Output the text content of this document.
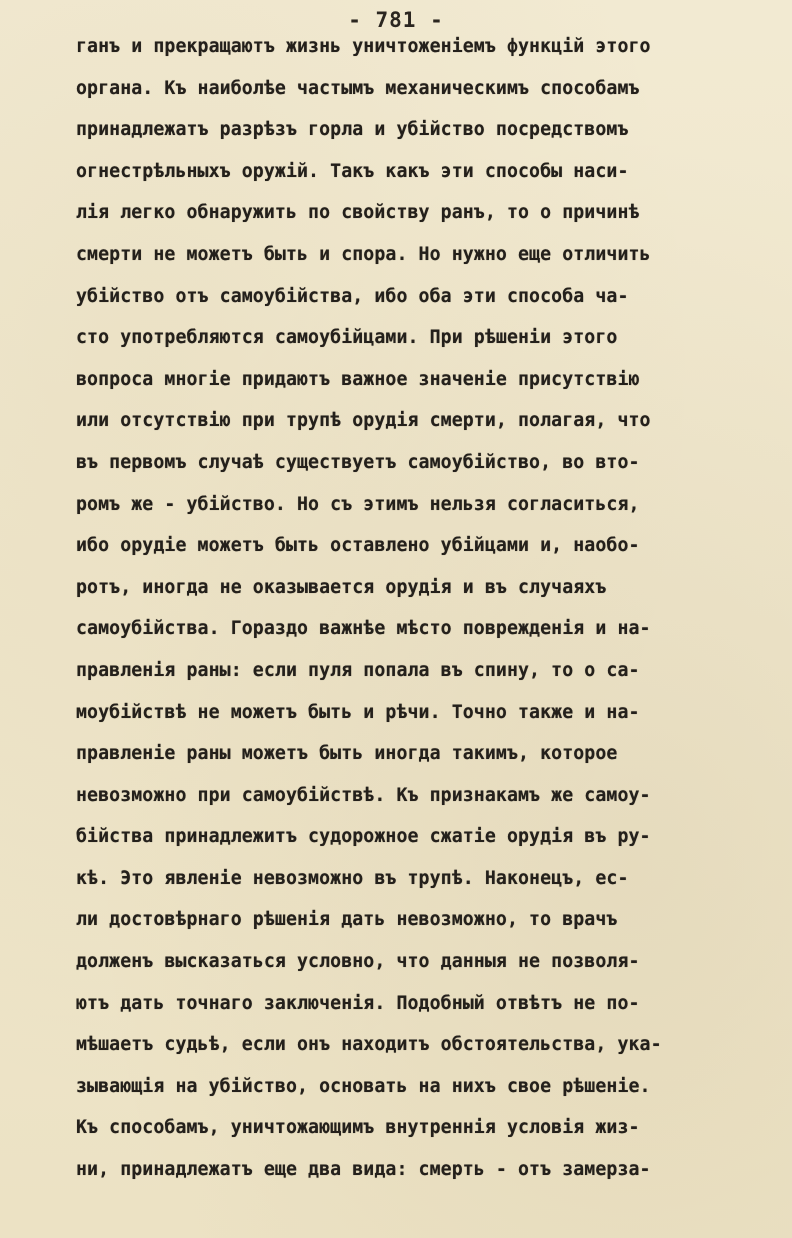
- 781 -
ганъ и прекращаютъ жизнь уничтоженiемъ функцiй этого
органа. Къ наиболѣе частымъ механическимъ способамъ
принадлежатъ разрѣзъ горла и убiйство посредствомъ
огнестрѣльныхъ оружiй. Такъ какъ эти способы наси-
лiя легко обнаружить по свойству ранъ, то о причинѣ
смерти не можетъ быть и спора. Но нужно еще отличить
убiйство отъ самоубiйства, ибо оба эти способа ча-
сто употребляются самоубiйцами. При рѣшенiи этого
вопроса многiе придаютъ важное значенiе присутствiю
или отсутствiю при трупѣ орудiя смерти, полагая, что
въ первомъ случаѣ существуетъ самоубiйство, во вто-
ромъ же - убiйство. Но съ этимъ нельзя согласиться,
ибо орудiе можетъ быть оставлено убiйцами и, наобо-
ротъ, иногда не оказывается орудiя и въ случаяхъ
самоубiйства. Гораздо важнѣе мѣсто поврежденiя и на-
правленiя раны: если пуля попала въ спину, то о са-
моубiйствѣ не можетъ быть и рѣчи. Точно также и на-
правленiе раны можетъ быть иногда такимъ, которое
невозможно при самоубiйствѣ. Къ признакамъ же самоу-
бiйства принадлежитъ судорожное сжатiе орудiя въ ру-
кѣ. Это явленiе невозможно въ трупѣ. Наконецъ, ес-
ли достовѣрнаго рѣшенiя дать невозможно, то врачъ
долженъ высказаться условно, что данныя не позволя-
ютъ дать точнаго заключенiя. Подобный отвѣтъ не по-
мѣшаетъ судьѣ, если онъ находитъ обстоятельства, ука-
зывающiя на убiйство, основать на нихъ свое рѣшенiе.
Къ способамъ, уничтожающимъ внутреннiя условiя жиз-
ни, принадлежатъ еще два вида: смерть - отъ замерза-
